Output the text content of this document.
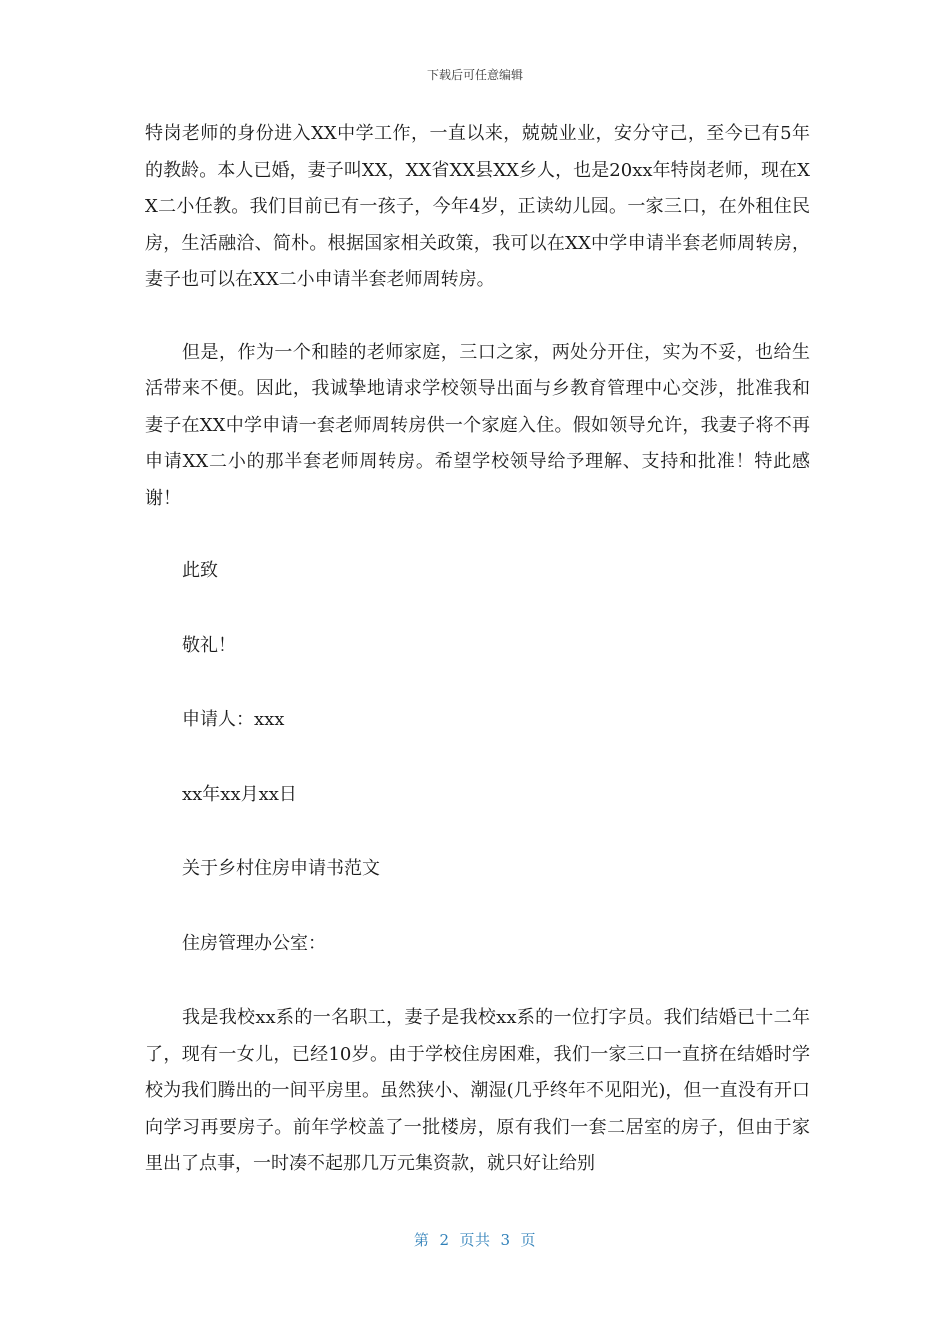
下载后可任意编辑

特岗老师的身份进入XX中学工作，一直以来，兢兢业业，安分守己，至今已有5年的教龄。本人已婚，妻子叫XX，XX省XX县XX乡人，也是20xx年特岗老师，现在XX二小任教。我们目前已有一孩子，今年4岁，正读幼儿园。一家三口，在外租住民房，生活融洽、简朴。根据国家相关政策，我可以在XX中学申请半套老师周转房，妻子也可以在XX二小申请半套老师周转房。

但是，作为一个和睦的老师家庭，三口之家，两处分开住，实为不妥，也给生活带来不便。因此，我诚挚地请求学校领导出面与乡教育管理中心交涉，批准我和妻子在XX中学申请一套老师周转房供一个家庭入住。假如领导允许，我妻子将不再申请XX二小的那半套老师周转房。希望学校领导给予理解、支持和批准！特此感谢！

此致

敬礼！

申请人：xxx

xx年xx月xx日

关于乡村住房申请书范文

住房管理办公室：

我是我校xx系的一名职工，妻子是我校xx系的一位打字员。我们结婚已十二年了，现有一女儿，已经10岁。由于学校住房困难，我们一家三口一直挤在结婚时学校为我们腾出的一间平房里。虽然狭小、潮湿(几乎终年不见阳光)，但一直没有开口向学习再要房子。前年学校盖了一批楼房，原有我们一套二居室的房子，但由于家里出了点事，一时凑不起那几万元集资款，就只好让给别

第 2 页共 3 页
